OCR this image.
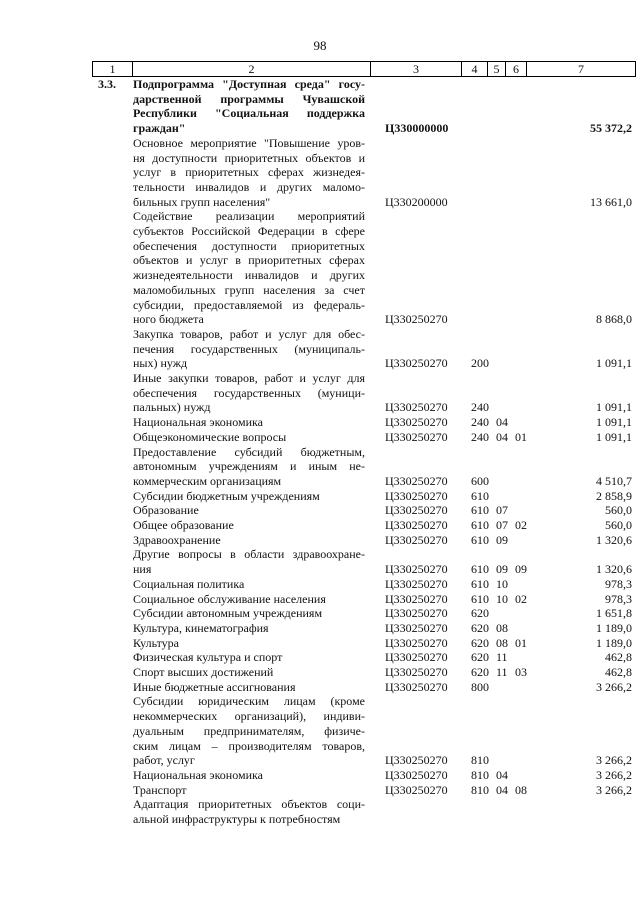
98
1	2	3	4	5	6	7
3.3. Подпрограмма "Доступная среда" госу-
дарственной программы Чувашской
Республики "Социальная поддержка
граждан"	Ц330000000	55 372,2
Основное мероприятие "Повышение уров-
ня доступности приоритетных объектов и
услуг в приоритетных сферах жизнедея-
тельности инвалидов и других маломо-
бильных групп населения"	Ц330200000	13 661,0
Содействие реализации мероприятий
субъектов Российской Федерации в сфере
обеспечения доступности приоритетных
объектов и услуг в приоритетных сферах
жизнедеятельности инвалидов и других
маломобильных групп населения за счет
субсидии, предоставляемой из федераль-
ного бюджета	Ц330250270	8 868,0
Закупка товаров, работ и услуг для обес-
печения государственных (муниципаль-
ных) нужд	Ц330250270 200	1 091,1
Иные закупки товаров, работ и услуг для
обеспечения государственных (муници-
пальных) нужд	Ц330250270 240	1 091,1
Национальная экономика	Ц330250270 240 04	1 091,1
Общеэкономические вопросы	Ц330250270 240 04 01	1 091,1
Предоставление субсидий бюджетным,
автономным учреждениям и иным не-
коммерческим организациям	Ц330250270 600	4 510,7
Субсидии бюджетным учреждениям	Ц330250270 610	2 858,9
Образование	Ц330250270 610 07	560,0
Общее образование	Ц330250270 610 07 02	560,0
Здравоохранение	Ц330250270 610 09	1 320,6
Другие вопросы в области здравоохране-
ния	Ц330250270 610 09 09	1 320,6
Социальная политика	Ц330250270 610 10	978,3
Социальное обслуживание населения	Ц330250270 610 10 02	978,3
Субсидии автономным учреждениям	Ц330250270 620	1 651,8
Культура, кинематография	Ц330250270 620 08	1 189,0
Культура	Ц330250270 620 08 01	1 189,0
Физическая культура и спорт	Ц330250270 620 11	462,8
Спорт высших достижений	Ц330250270 620 11 03	462,8
Иные бюджетные ассигнования	Ц330250270 800	3 266,2
Субсидии юридическим лицам (кроме
некоммерческих организаций), индиви-
дуальным предпринимателям, физиче-
ским лицам – производителям товаров,
работ, услуг	Ц330250270 810	3 266,2
Национальная экономика	Ц330250270 810 04	3 266,2
Транспорт	Ц330250270 810 04 08	3 266,2
Адаптация приоритетных объектов соци-
альной инфраструктуры к потребностям
